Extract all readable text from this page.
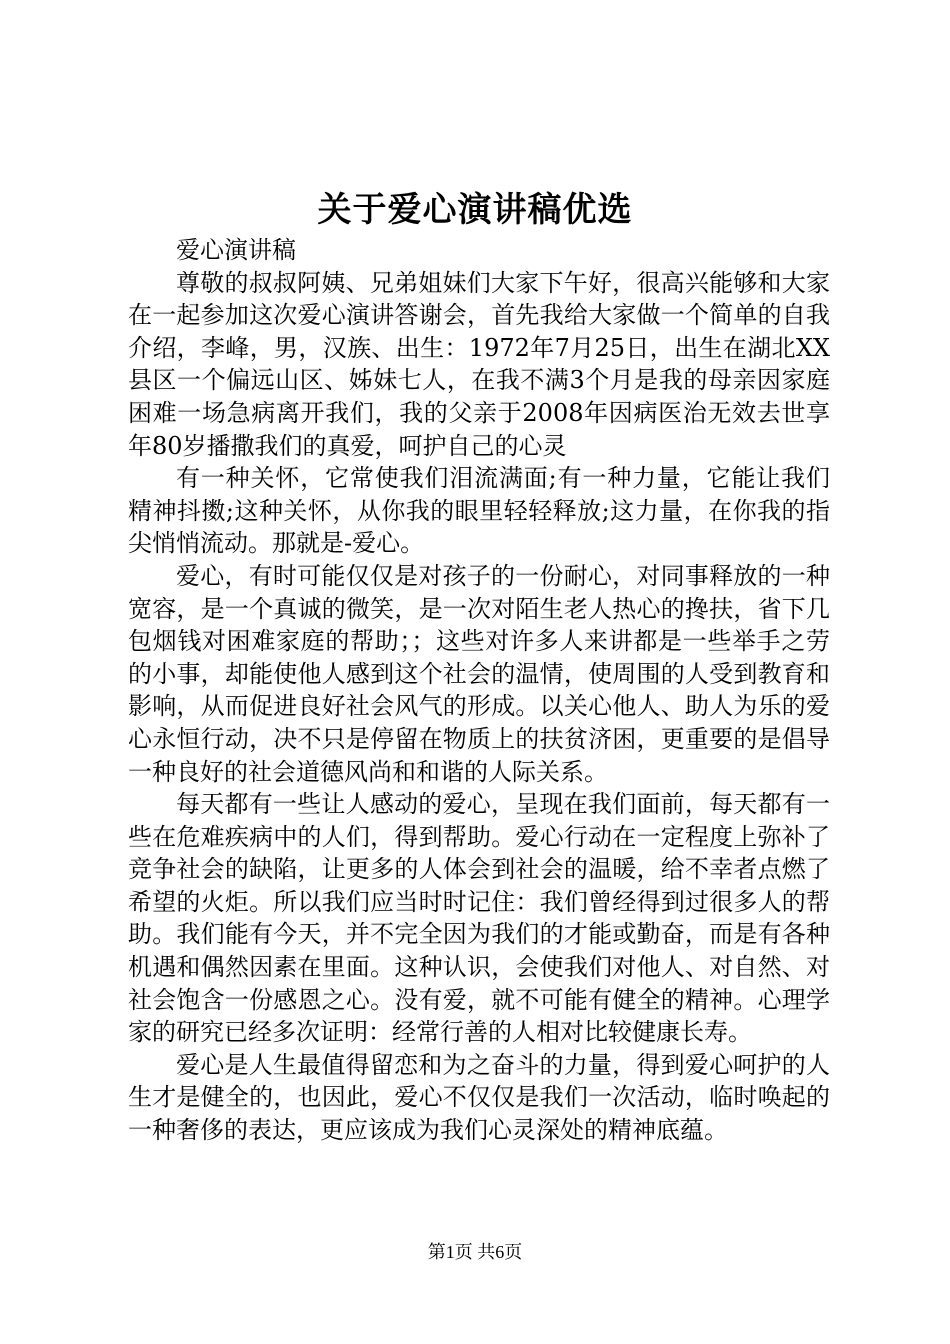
关于爱心演讲稿优选

爱心演讲稿

尊敬的叔叔阿姨、兄弟姐妹们大家下午好，很高兴能够和大家在一起参加这次爱心演讲答谢会，首先我给大家做一个简单的自我介绍，李峰，男，汉族、出生：1972年7月25日，出生在湖北XX县区一个偏远山区、姊妹七人，在我不满3个月是我的母亲因家庭困难一场急病离开我们，我的父亲于2008年因病医治无效去世享年80岁播撒我们的真爱，呵护自己的心灵

有一种关怀，它常使我们泪流满面;有一种力量，它能让我们精神抖擞;这种关怀，从你我的眼里轻轻释放;这力量，在你我的指尖悄悄流动。那就是-爱心。

爱心，有时可能仅仅是对孩子的一份耐心，对同事释放的一种宽容，是一个真诚的微笑，是一次对陌生老人热心的搀扶，省下几包烟钱对困难家庭的帮助；；这些对许多人来讲都是一些举手之劳的小事，却能使他人感到这个社会的温情，使周围的人受到教育和影响，从而促进良好社会风气的形成。以关心他人、助人为乐的爱心永恒行动，决不只是停留在物质上的扶贫济困，更重要的是倡导一种良好的社会道德风尚和和谐的人际关系。

每天都有一些让人感动的爱心，呈现在我们面前，每天都有一些在危难疾病中的人们，得到帮助。爱心行动在一定程度上弥补了竞争社会的缺陷，让更多的人体会到社会的温暖，给不幸者点燃了希望的火炬。所以我们应当时时记住：我们曾经得到过很多人的帮助。我们能有今天，并不完全因为我们的才能或勤奋，而是有各种机遇和偶然因素在里面。这种认识，会使我们对他人、对自然、对社会饱含一份感恩之心。没有爱，就不可能有健全的精神。心理学家的研究已经多次证明：经常行善的人相对比较健康长寿。

爱心是人生最值得留恋和为之奋斗的力量，得到爱心呵护的人生才是健全的，也因此，爱心不仅仅是我们一次活动，临时唤起的一种奢侈的表达，更应该成为我们心灵深处的精神底蕴。

第1页 共6页
